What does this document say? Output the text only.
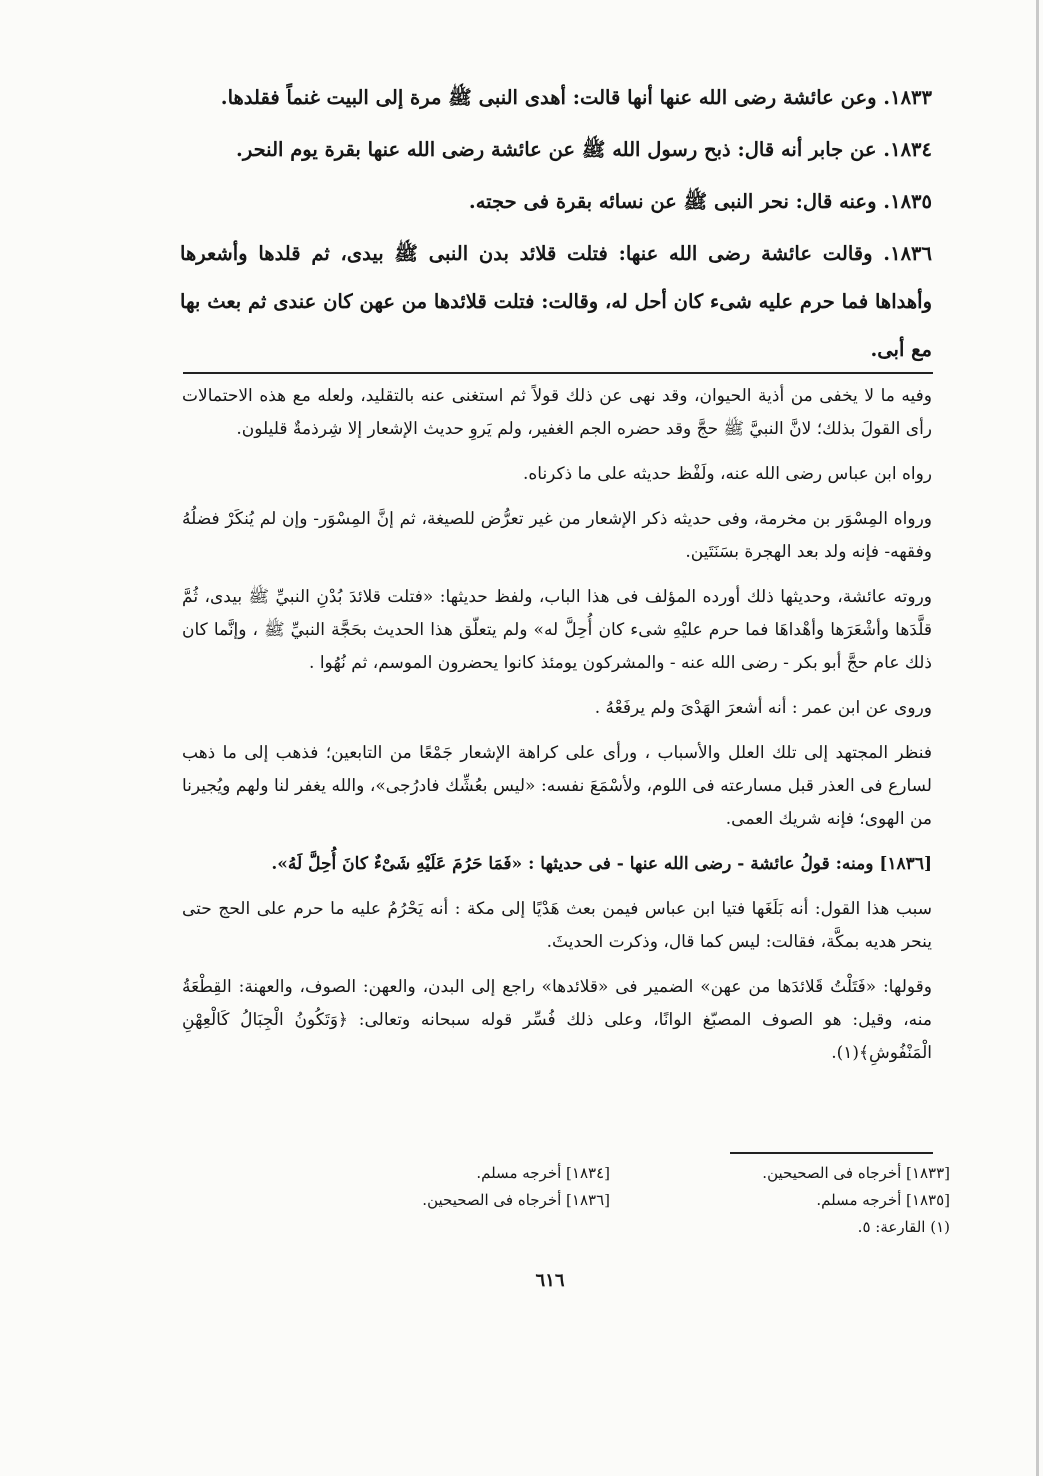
١٨٣٣. وعن عائشة رضى الله عنها أنها قالت: أهدى النبى ﷺ مرة إلى البيت غنماً فقلدها.

١٨٣٤. عن جابر أنه قال: ذبح رسول الله ﷺ عن عائشة رضى الله عنها بقرة يوم النحر.

١٨٣٥. وعنه قال: نحر النبى ﷺ عن نسائه بقرة فى حجته.

١٨٣٦. وقالت عائشة رضى الله عنها: فتلت قلائد بدن النبى ﷺ بيدى، ثم قلدها وأشعرها وأهداها فما حرم عليه شىء كان أحل له، وقالت: فتلت قلائدها من عهن كان عندى ثم بعث بها مع أبى.

وفيه ما لا يخفى من أذية الحيوان، وقد نهى عن ذلك قولاً ثم استغنى عنه بالتقليد، ولعله مع هذه الاحتمالات رأى القولَ بذلك؛ لانَّ النبيَّ ﷺ حجَّ وقد حضره الجم الغفير، ولم يَروِ حديث الإشعار إلا شِرذمةٌ قليلون.

رواه ابن عباس رضى الله عنه، ولَفْظ حديثه على ما ذكرناه.

ورواه المِسْوَر بن مخرمة، وفى حديثه ذكر الإشعار من غير تعرُّض للصيغة، ثم إنَّ المِسْوَر- وإن لم يُنكَرْ فضلُهُ وفقهه- فإنه ولد بعد الهجرة بسَنَتَين.

وروته عائشة، وحديثها ذلك أورده المؤلف فى هذا الباب، ولفظ حديثها: «فتلت قلائدَ بُدْنِ النبيِّ ﷺ بيدى، ثُمَّ قلَّدَها وأشْعَرَها وأهْداهَا فما حرم عليْهِ شىء كان أُحِلَّ له» ولم يتعلّق هذا الحديث بحَجَّة النبيِّ ﷺ ، وإنَّما كان ذلك عام حجَّ أبو بكر - رضى الله عنه - والمشركون يومئذ كانوا يحضرون الموسم، ثم نُهُوا .

وروى عن ابن عمر : أنه أشعرَ الهَدْىَ ولم يرفَعْهُ .

فنظر المجتهد إلى تلك العلل والأسباب ، ورأى على كراهة الإشعار جَمْعًا من التابعين؛ فذهب إلى ما ذهب لسارع فى العذر قبل مسارعته فى اللوم، ولأسْمَعَ نفسه: «ليس بعُشِّك فادرُجى»، والله يغفر لنا ولهم ويُجيرنا من الهوى؛ فإنه شريك العمى.

[١٨٣٦] ومنه: قولُ عائشة - رضى الله عنها - فى حديثها : «فَمَا حَرُمَ عَلَيْهِ شَىْءٌ كانَ أُحِلَّ لَهُ».

سبب هذا القول: أنه بَلَغَها فتيا ابن عباس فيمن بعث هَدْيًا إلى مكة : أنه يَحْرُمُ عليه ما حرم على الحج حتى ينحر هديه بمكَّة، فقالت: ليس كما قال، وذكرت الحديثَ.

وقولها: «فَتَلْتُ قَلائدَها من عهن» الضمير فى «قلائدها» راجع إلى البدن، والعهن: الصوف، والعهنة: القِطْعَةُ منه، وقيل: هو الصوف المصبّغ الوانًا، وعلى ذلك فُسِّر قوله سبحانه وتعالى: ﴿وَتَكُونُ الْجِبَالُ كَالْعِهْنِ الْمَنْفُوشِ﴾(١).

[١٨٣٣] أخرجاه فى الصحيحين.
[١٨٣٥] أخرجه مسلم.
(١) القارعة: ٥.
[١٨٣٤] أخرجه مسلم.
[١٨٣٦] أخرجاه فى الصحيحين.
٦١٦
